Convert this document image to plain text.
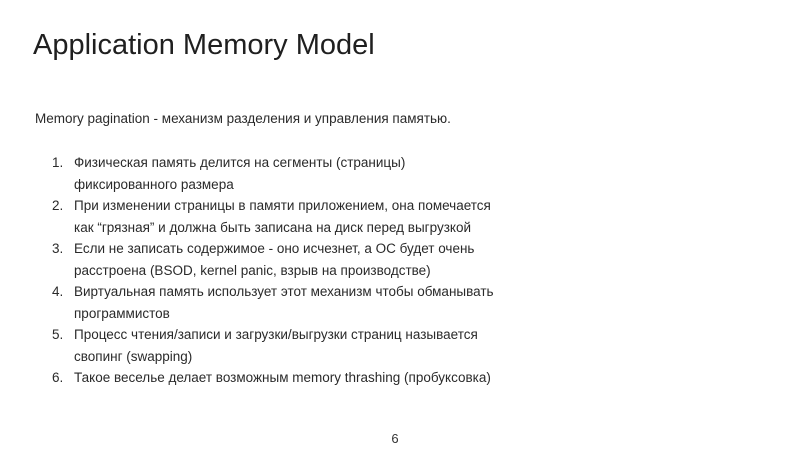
Application Memory Model
Memory pagination - механизм разделения и управления памятью.
1. Физическая память делится на сегменты (страницы)
фиксированного размера
2. При изменении страницы в памяти приложением, она помечается
как “грязная” и должна быть записана на диск перед выгрузкой
3. Если не записать содержимое - оно исчезнет, а ОС будет очень
расстроена (BSOD, kernel panic, взрыв на производстве)
4. Виртуальная память использует этот механизм чтобы обманывать
программистов
5. Процесс чтения/записи и загрузки/выгрузки страниц называется
свопинг (swapping)
6. Такое веселье делает возможным memory thrashing (пробуксовка)
6
